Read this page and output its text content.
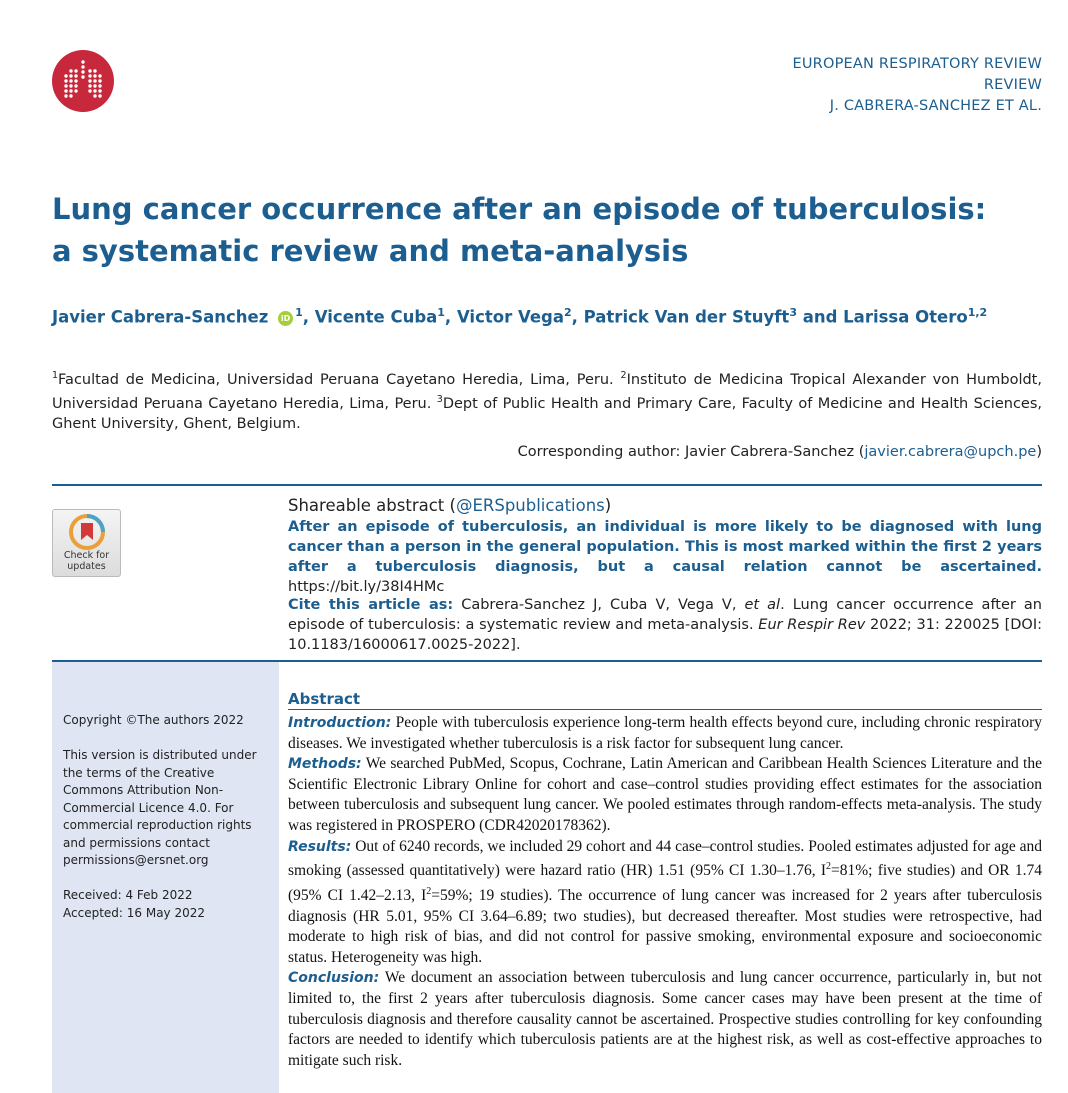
EUROPEAN RESPIRATORY REVIEW
REVIEW
J. CABRERA-SANCHEZ ET AL.
Lung cancer occurrence after an episode of tuberculosis:
a systematic review and meta-analysis
Javier Cabrera-Sanchez iD $^1$, Vicente Cuba$^1$, Victor Vega$^2$, Patrick Van der Stuyft$^3$ and Larissa Otero$^{1,2}$
$^1$Facultad de Medicina, Universidad Peruana Cayetano Heredia, Lima, Peru. $^2$Instituto de Medicina Tropical Alexander von Humboldt, Universidad Peruana Cayetano Heredia, Lima, Peru. $^3$Dept of Public Health and Primary Care, Faculty of Medicine and Health Sciences, Ghent University, Ghent, Belgium.
Corresponding author: Javier Cabrera-Sanchez (javier.cabrera@upch.pe)
Check for
updates
Shareable abstract (@ERSpublications)
After an episode of tuberculosis, an individual is more likely to be diagnosed with lung cancer than a person in the general population. This is most marked within the first 2 years after a tuberculosis diagnosis, but a causal relation cannot be ascertained. https://bit.ly/38I4HMc
Cite this article as: Cabrera-Sanchez J, Cuba V, Vega V, et al. Lung cancer occurrence after an episode of tuberculosis: a systematic review and meta-analysis. Eur Respir Rev 2022; 31: 220025 [DOI: 10.1183/16000617.0025-2022].
Copyright ©The authors 2022
This version is distributed under the terms of the Creative Commons Attribution Non-Commercial Licence 4.0. For commercial reproduction rights and permissions contact permissions@ersnet.org
Received: 4 Feb 2022
Accepted: 16 May 2022
Abstract

Introduction: People with tuberculosis experience long-term health effects beyond cure, including chronic respiratory diseases. We investigated whether tuberculosis is a risk factor for subsequent lung cancer.

Methods: We searched PubMed, Scopus, Cochrane, Latin American and Caribbean Health Sciences Literature and the Scientific Electronic Library Online for cohort and case–control studies providing effect estimates for the association between tuberculosis and subsequent lung cancer. We pooled estimates through random-effects meta-analysis. The study was registered in PROSPERO (CDR42020178362).

Results: Out of 6240 records, we included 29 cohort and 44 case–control studies. Pooled estimates adjusted for age and smoking (assessed quantitatively) were hazard ratio (HR) 1.51 (95% CI 1.30–1.76, $I^2=81\%$; five studies) and OR 1.74 (95% CI 1.42–2.13, $I^2=59\%$; 19 studies). The occurrence of lung cancer was increased for 2 years after tuberculosis diagnosis (HR 5.01, 95% CI 3.64–6.89; two studies), but decreased thereafter. Most studies were retrospective, had moderate to high risk of bias, and did not control for passive smoking, environmental exposure and socioeconomic status. Heterogeneity was high.

Conclusion: We document an association between tuberculosis and lung cancer occurrence, particularly in, but not limited to, the first 2 years after tuberculosis diagnosis. Some cancer cases may have been present at the time of tuberculosis diagnosis and therefore causality cannot be ascertained. Prospective studies controlling for key confounding factors are needed to identify which tuberculosis patients are at the highest risk, as well as cost-effective approaches to mitigate such risk.
